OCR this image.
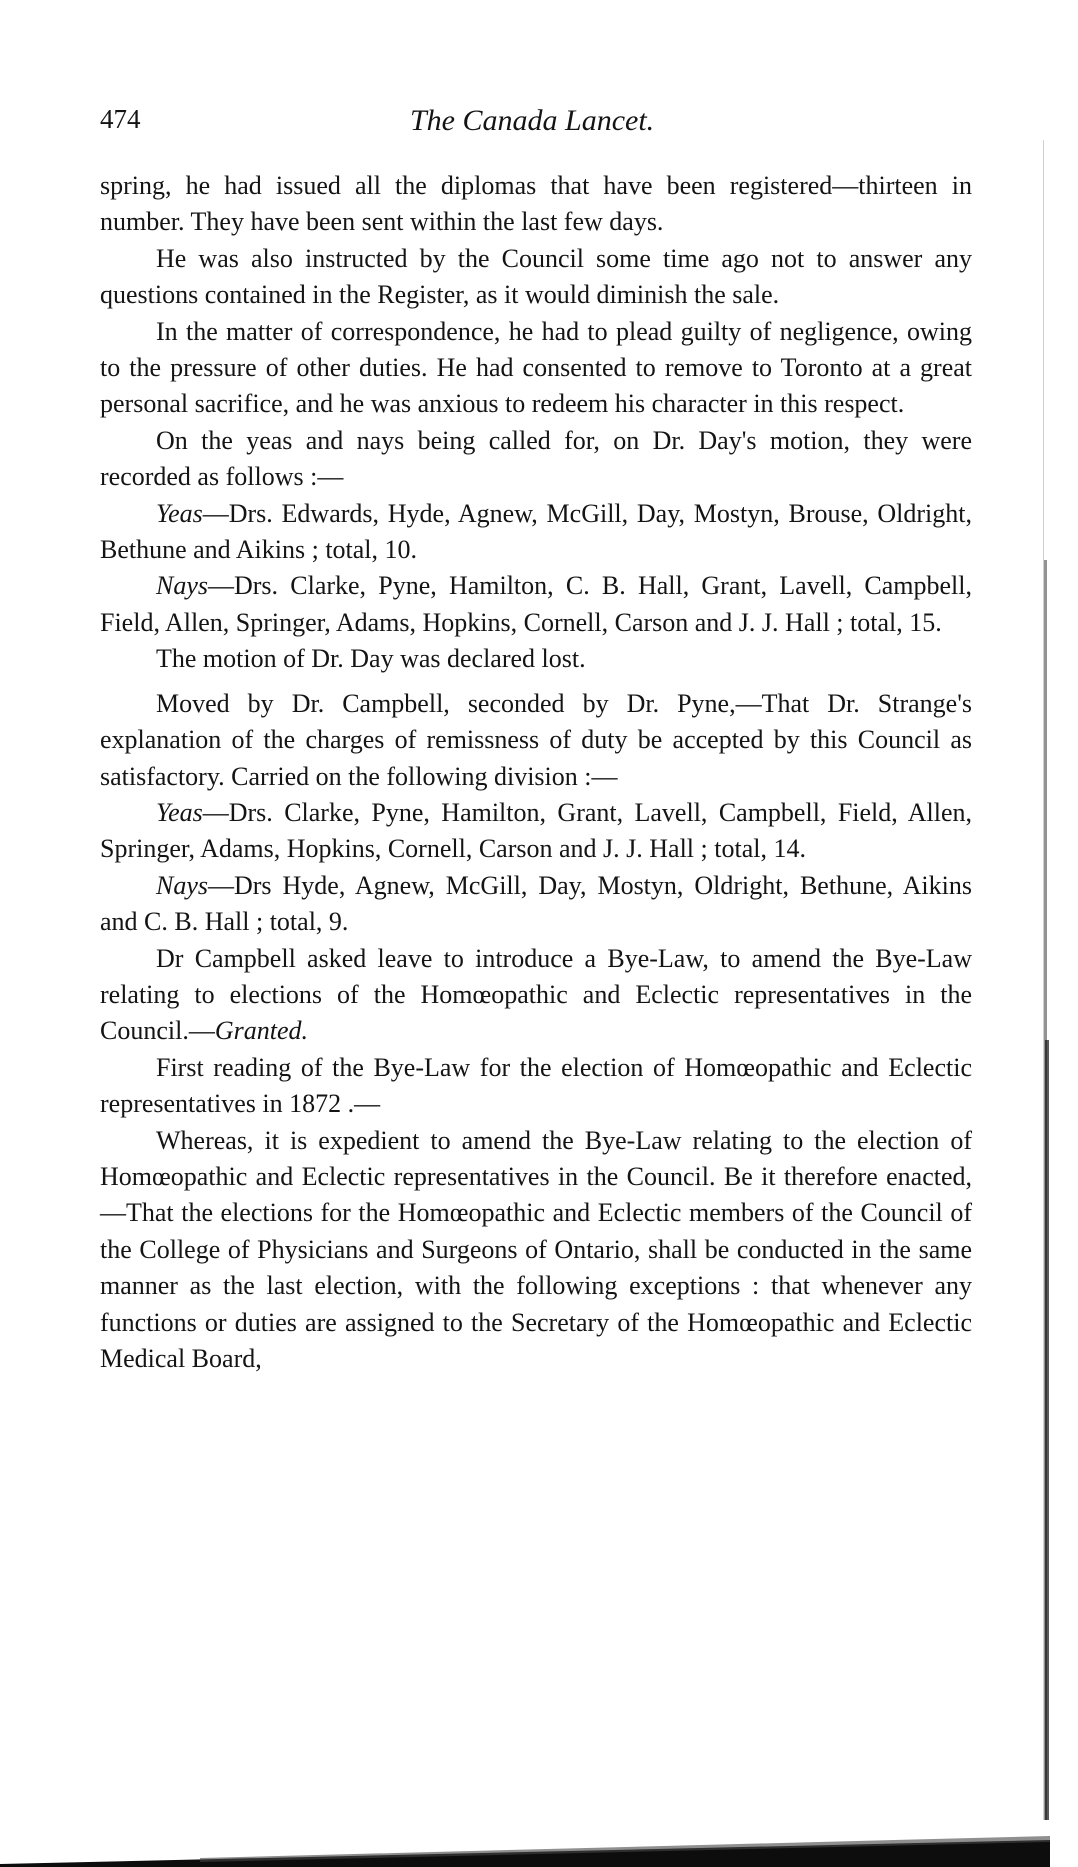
474	The Canada Lancet.

spring, he had issued all the diplomas that have been registered—thirteen in number. They have been sent within the last few days.

He was also instructed by the Council some time ago not to answer any questions contained in the Register, as it would diminish the sale.

In the matter of correspondence, he had to plead guilty of negligence, owing to the pressure of other duties. He had consented to remove to Toronto at a great personal sacrifice, and he was anxious to redeem his character in this respect.

On the yeas and nays being called for, on Dr. Day's motion, they were recorded as follows :—

Yeas—Drs. Edwards, Hyde, Agnew, McGill, Day, Mostyn, Brouse, Oldright, Bethune and Aikins ; total, 10.

Nays—Drs. Clarke, Pyne, Hamilton, C. B. Hall, Grant, Lavell, Campbell, Field, Allen, Springer, Adams, Hopkins, Cornell, Carson and J. J. Hall ; total, 15.

The motion of Dr. Day was declared lost.

Moved by Dr. Campbell, seconded by Dr. Pyne,—That Dr. Strange's explanation of the charges of remissness of duty be accepted by this Council as satisfactory. Carried on the following division :—

Yeas—Drs. Clarke, Pyne, Hamilton, Grant, Lavell, Campbell, Field, Allen, Springer, Adams, Hopkins, Cornell, Carson and J. J. Hall ; total, 14.

Nays—Drs Hyde, Agnew, McGill, Day, Mostyn, Oldright, Bethune, Aikins and C. B. Hall ; total, 9.

Dr Campbell asked leave to introduce a Bye-Law, to amend the Bye-Law relating to elections of the Homœopathic and Eclectic representatives in the Council.—Granted.

First reading of the Bye-Law for the election of Homœopathic and Eclectic representatives in 1872 .—

Whereas, it is expedient to amend the Bye-Law relating to the election of Homœopathic and Eclectic representatives in the Council. Be it therefore enacted,—That the elections for the Homœopathic and Eclectic members of the Council of the College of Physicians and Surgeons of Ontario, shall be conducted in the same manner as the last election, with the following exceptions : that whenever any functions or duties are assigned to the Secretary of the Homœopathic and Eclectic Medical Board,
